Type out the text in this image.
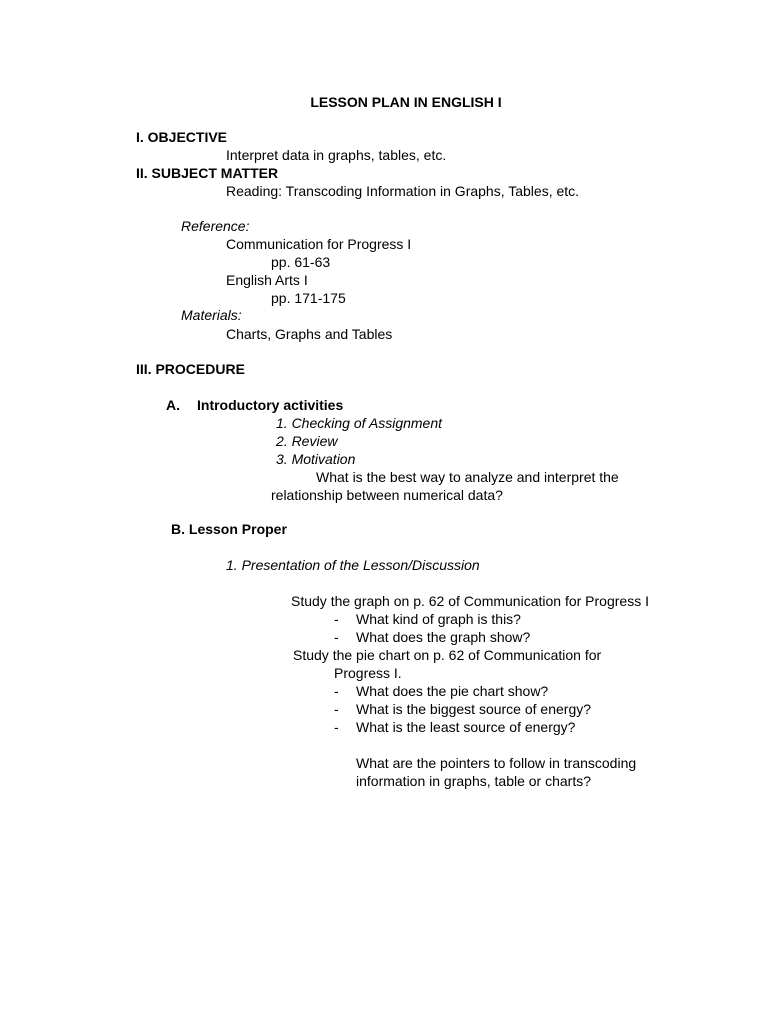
LESSON PLAN IN ENGLISH I
I. OBJECTIVE
Interpret data in graphs, tables, etc.
II. SUBJECT MATTER
Reading: Transcoding Information in Graphs, Tables, etc.
Reference:
Communication for Progress I
pp. 61-63
English Arts I
pp. 171-175
Materials:
Charts, Graphs and Tables
III. PROCEDURE
A. Introductory activities
1. Checking of Assignment
2. Review
3. Motivation
What is the best way to analyze and interpret the
relationship between numerical data?
B. Lesson Proper
1. Presentation of the Lesson/Discussion
Study the graph on p. 62 of Communication for Progress I
- What kind of graph is this?
- What does the graph show?
Study the pie chart on p. 62 of Communication for
Progress I.
- What does the pie chart show?
- What is the biggest source of energy?
- What is the least source of energy?
What are the pointers to follow in transcoding
information in graphs, table or charts?
